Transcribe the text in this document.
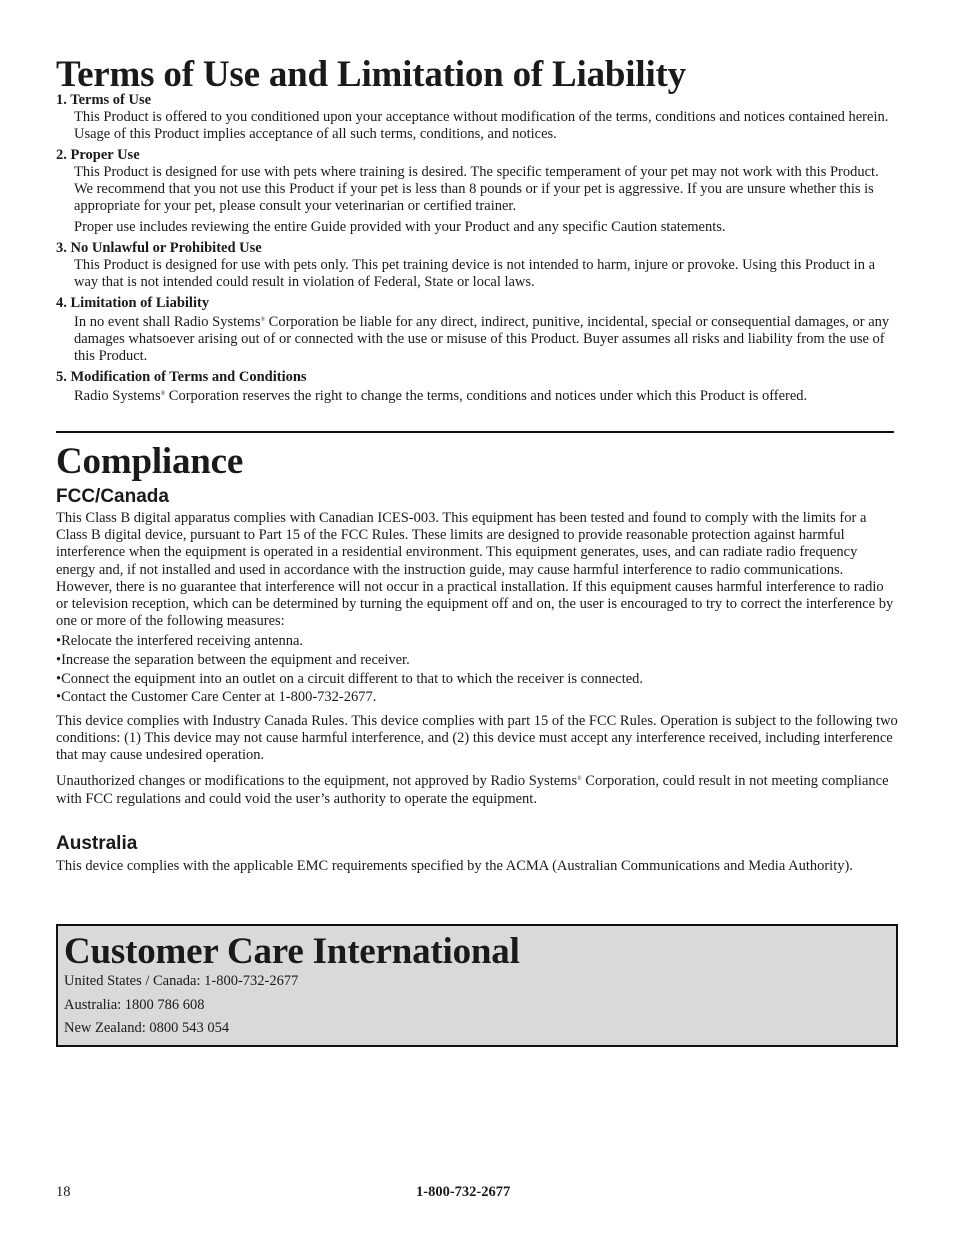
Terms of Use and Limitation of Liability
1. Terms of Use

This Product is offered to you conditioned upon your acceptance without modification of the terms, conditions and notices contained herein. Usage of this Product implies acceptance of all such terms, conditions, and notices.

2. Proper Use

This Product is designed for use with pets where training is desired. The specific temperament of your pet may not work with this Product. We recommend that you not use this Product if your pet is less than 8 pounds or if your pet is aggressive. If you are unsure whether this is appropriate for your pet, please consult your veterinarian or certified trainer.

Proper use includes reviewing the entire Guide provided with your Product and any specific Caution statements.

3. No Unlawful or Prohibited Use

This Product is designed for use with pets only. This pet training device is not intended to harm, injure or provoke. Using this Product in a way that is not intended could result in violation of Federal, State or local laws.

4. Limitation of Liability

In no event shall Radio Systems® Corporation be liable for any direct, indirect, punitive, incidental, special or consequential damages, or any damages whatsoever arising out of or connected with the use or misuse of this Product. Buyer assumes all risks and liability from the use of this Product.

5. Modification of Terms and Conditions

Radio Systems® Corporation reserves the right to change the terms, conditions and notices under which this Product is offered.

Compliance
FCC/Canada

This Class B digital apparatus complies with Canadian ICES-003. This equipment has been tested and found to comply with the limits for a Class B digital device, pursuant to Part 15 of the FCC Rules. These limits are designed to provide reasonable protection against harmful interference when the equipment is operated in a residential environment. This equipment generates, uses, and can radiate radio frequency energy and, if not installed and used in accordance with the instruction guide, may cause harmful interference to radio communications. However, there is no guarantee that interference will not occur in a practical installation. If this equipment causes harmful interference to radio or television reception, which can be determined by turning the equipment off and on, the user is encouraged to try to correct the interference by one or more of the following measures:

•Relocate the interfered receiving antenna.
•Increase the separation between the equipment and receiver.
•Connect the equipment into an outlet on a circuit different to that to which the receiver is connected.
•Contact the Customer Care Center at 1-800-732-2677.

This device complies with Industry Canada Rules. This device complies with part 15 of the FCC Rules. Operation is subject to the following two conditions: (1) This device may not cause harmful interference, and (2) this device must accept any interference received, including interference that may cause undesired operation.

Unauthorized changes or modifications to the equipment, not approved by Radio Systems® Corporation, could result in not meeting compliance with FCC regulations and could void the user’s authority to operate the equipment.

Australia
This device complies with the applicable EMC requirements specified by the ACMA (Australian Communications and Media Authority).
Customer Care International
United States / Canada: 1-800-732-2677
Australia: 1800 786 608
New Zealand: 0800 543 054
18	1-800-732-2677
